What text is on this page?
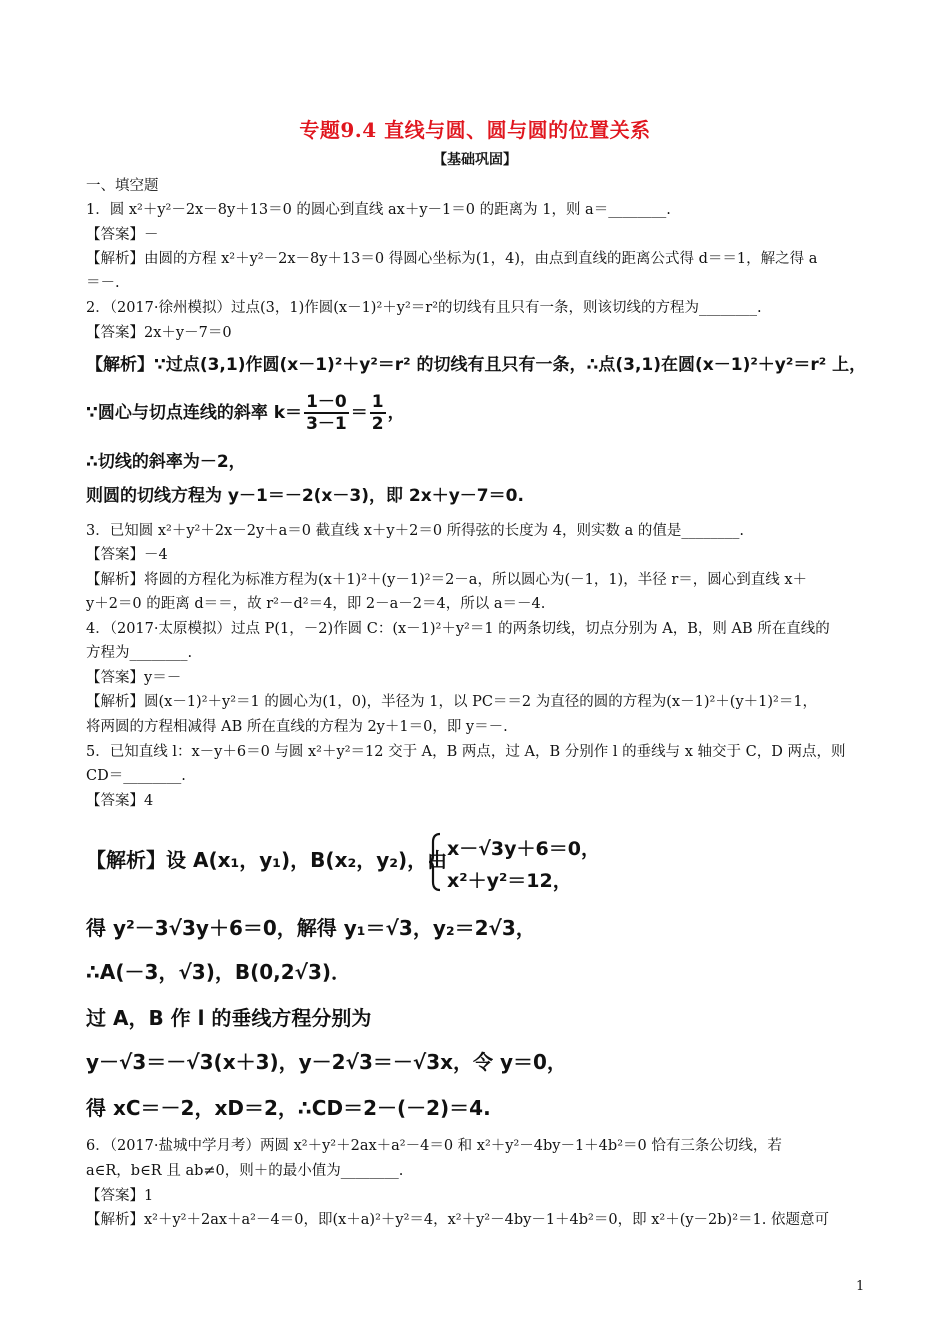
专题9.4 直线与圆、圆与圆的位置关系
【基础巩固】
一、填空题
1．圆 x²＋y²－2x－8y＋13＝0 的圆心到直线 ax＋y－1＝0 的距离为 1，则 a＝________.
【答案】－
【解析】由圆的方程 x²＋y²－2x－8y＋13＝0 得圆心坐标为(1，4)，由点到直线的距离公式得 d＝＝1，解之得 a
＝－.
2．（2017·徐州模拟）过点(3，1)作圆(x－1)²＋y²＝r²的切线有且只有一条，则该切线的方程为________.
【答案】2x＋y－7＝0
【解析】∵过点(3,1)作圆(x－1)²＋y²＝r² 的切线有且只有一条，∴点(3,1)在圆(x－1)²＋y²＝r² 上，
∵圆心与切点连线的斜率 $k= \frac{1-0}{3-1} = \frac{1}{2}$ ，
∴切线的斜率为－2，
则圆的切线方程为 y－1＝－2(x－3)，即 2x＋y－7＝0.
3．已知圆 x²＋y²＋2x－2y＋a＝0 截直线 x＋y＋2＝0 所得弦的长度为 4，则实数 a 的值是________.
【答案】－4
【解析】将圆的方程化为标准方程为(x＋1)²＋(y－1)²＝2－a，所以圆心为(－1，1)，半径 r＝，圆心到直线 x＋
y＋2＝0 的距离 d＝＝，故 r²－d²＝4，即 2－a－2＝4，所以 a＝－4.
4．（2017·太原模拟）过点 P(1，－2)作圆 C：(x－1)²＋y²＝1 的两条切线，切点分别为 A，B，则 AB 所在直线的
方程为________.
【答案】y＝－
【解析】圆(x－1)²＋y²＝1 的圆心为(1，0)，半径为 1，以 PC＝＝2 为直径的圆的方程为(x－1)²＋(y＋1)²＝1，
将两圆的方程相减得 AB 所在直线的方程为 2y＋1＝0，即 y＝－.
5．已知直线 l：x－y＋6＝0 与圆 x²＋y²＝12 交于 A，B 两点，过 A，B 分别作 l 的垂线与 x 轴交于 C，D 两点，则
CD＝________.
【答案】4
【解析】设 A(x₁，y₁)，B(x₂，y₂)，由 x－√3y＋6＝0，
x²＋y²＝12，
得 y²－3√3y＋6＝0，解得 y₁＝√3，y₂＝2√3，
∴A(－3，√3)，B(0,2√3)．
过 A，B 作 l 的垂线方程分别为
y－√3＝－√3(x＋3)，y－2√3＝－√3x，令 y＝0，
得 xC＝－2，xD＝2，∴CD＝2－(－2)＝4.
6．（2017·盐城中学月考）两圆 x²＋y²＋2ax＋a²－4＝0 和 x²＋y²－4by－1＋4b²＝0 恰有三条公切线，若
a∈R，b∈R 且 ab≠0，则＋的最小值为________.
【答案】1
【解析】x²＋y²＋2ax＋a²－4＝0，即(x＋a)²＋y²＝4，x²＋y²－4by－1＋4b²＝0，即 x²＋(y－2b)²＝1. 依题意可
1
